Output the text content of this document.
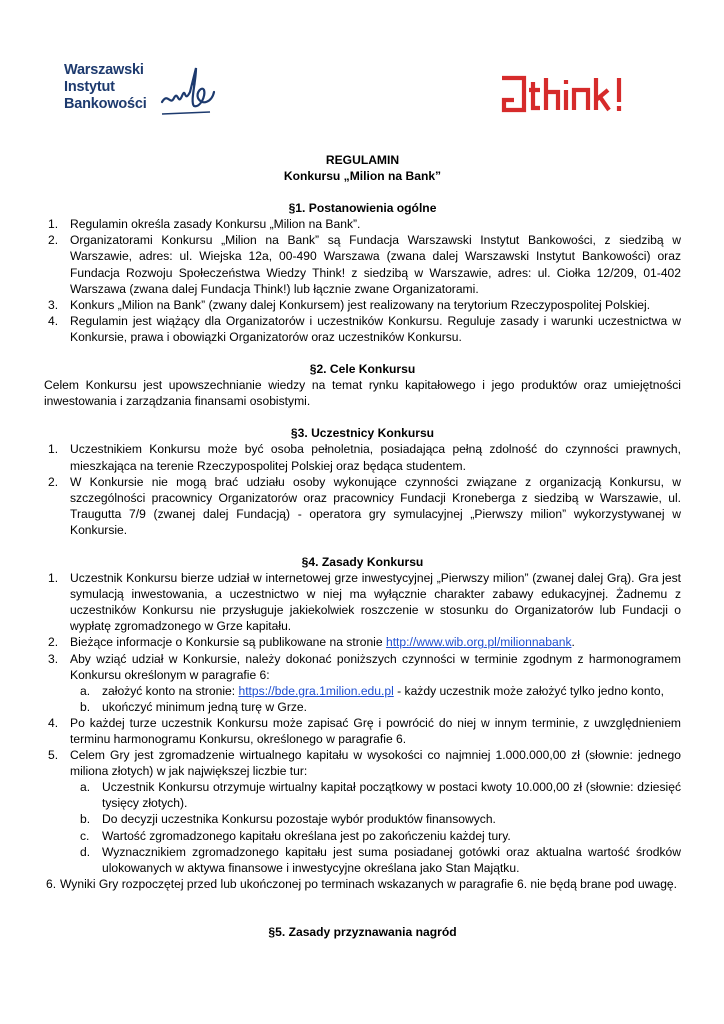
Warszawski
Instytut
Bankowości
REGULAMIN
Konkursu „Milion na Bank”
§1. Postanowienia ogólne
1. Regulamin określa zasady Konkursu „Milion na Bank”.
2. Organizatorami Konkursu „Milion na Bank” są Fundacja Warszawski Instytut Bankowości, z siedzibą w Warszawie, adres: ul. Wiejska 12a, 00-490 Warszawa (zwana dalej Warszawski Instytut Bankowości) oraz Fundacja Rozwoju Społeczeństwa Wiedzy Think! z siedzibą w Warszawie, adres: ul. Ciołka 12/209, 01-402 Warszawa (zwana dalej Fundacja Think!) lub łącznie zwane Organizatorami.
3. Konkurs „Milion na Bank” (zwany dalej Konkursem) jest realizowany na terytorium Rzeczypospolitej Polskiej.
4. Regulamin jest wiążący dla Organizatorów i uczestników Konkursu. Reguluje zasady i warunki uczestnictwa w Konkursie, prawa i obowiązki Organizatorów oraz uczestników Konkursu.
§2. Cele Konkursu
Celem Konkursu jest upowszechnianie wiedzy na temat rynku kapitałowego i jego produktów oraz umiejętności inwestowania i zarządzania finansami osobistymi.
§3. Uczestnicy Konkursu
1. Uczestnikiem Konkursu może być osoba pełnoletnia, posiadająca pełną zdolność do czynności prawnych, mieszkająca na terenie Rzeczypospolitej Polskiej oraz będąca studentem.
2. W Konkursie nie mogą brać udziału osoby wykonujące czynności związane z organizacją Konkursu, w szczególności pracownicy Organizatorów oraz pracownicy Fundacji Kroneberga z siedzibą w Warszawie, ul. Traugutta 7/9 (zwanej dalej Fundacją) - operatora gry symulacyjnej „Pierwszy milion” wykorzystywanej w Konkursie.
§4. Zasady Konkursu
1. Uczestnik Konkursu bierze udział w internetowej grze inwestycyjnej „Pierwszy milion” (zwanej dalej Grą). Gra jest symulacją inwestowania, a uczestnictwo w niej ma wyłącznie charakter zabawy edukacyjnej. Żadnemu z uczestników Konkursu nie przysługuje jakiekolwiek roszczenie w stosunku do Organizatorów lub Fundacji o wypłatę zgromadzonego w Grze kapitału.
2. Bieżące informacje o Konkursie są publikowane na stronie http://www.wib.org.pl/milionnabank.
3. Aby wziąć udział w Konkursie, należy dokonać poniższych czynności w terminie zgodnym z harmonogramem Konkursu określonym w paragrafie 6:
a. założyć konto na stronie: https://bde.gra.1milion.edu.pl - każdy uczestnik może założyć tylko jedno konto,
b. ukończyć minimum jedną turę w Grze.
4. Po każdej turze uczestnik Konkursu może zapisać Grę i powrócić do niej w innym terminie, z uwzględnieniem terminu harmonogramu Konkursu, określonego w paragrafie 6.
5. Celem Gry jest zgromadzenie wirtualnego kapitału w wysokości co najmniej 1.000.000,00 zł (słownie: jednego miliona złotych) w jak największej liczbie tur:
a. Uczestnik Konkursu otrzymuje wirtualny kapitał początkowy w postaci kwoty 10.000,00 zł (słownie: dziesięć tysięcy złotych).
b. Do decyzji uczestnika Konkursu pozostaje wybór produktów finansowych.
c. Wartość zgromadzonego kapitału określana jest po zakończeniu każdej tury.
d. Wyznacznikiem zgromadzonego kapitału jest suma posiadanej gotówki oraz aktualna wartość środków ulokowanych w aktywa finansowe i inwestycyjne określana jako Stan Majątku.
6. Wyniki Gry rozpoczętej przed lub ukończonej po terminach wskazanych w paragrafie 6. nie będą brane pod uwagę.
§5. Zasady przyznawania nagród
